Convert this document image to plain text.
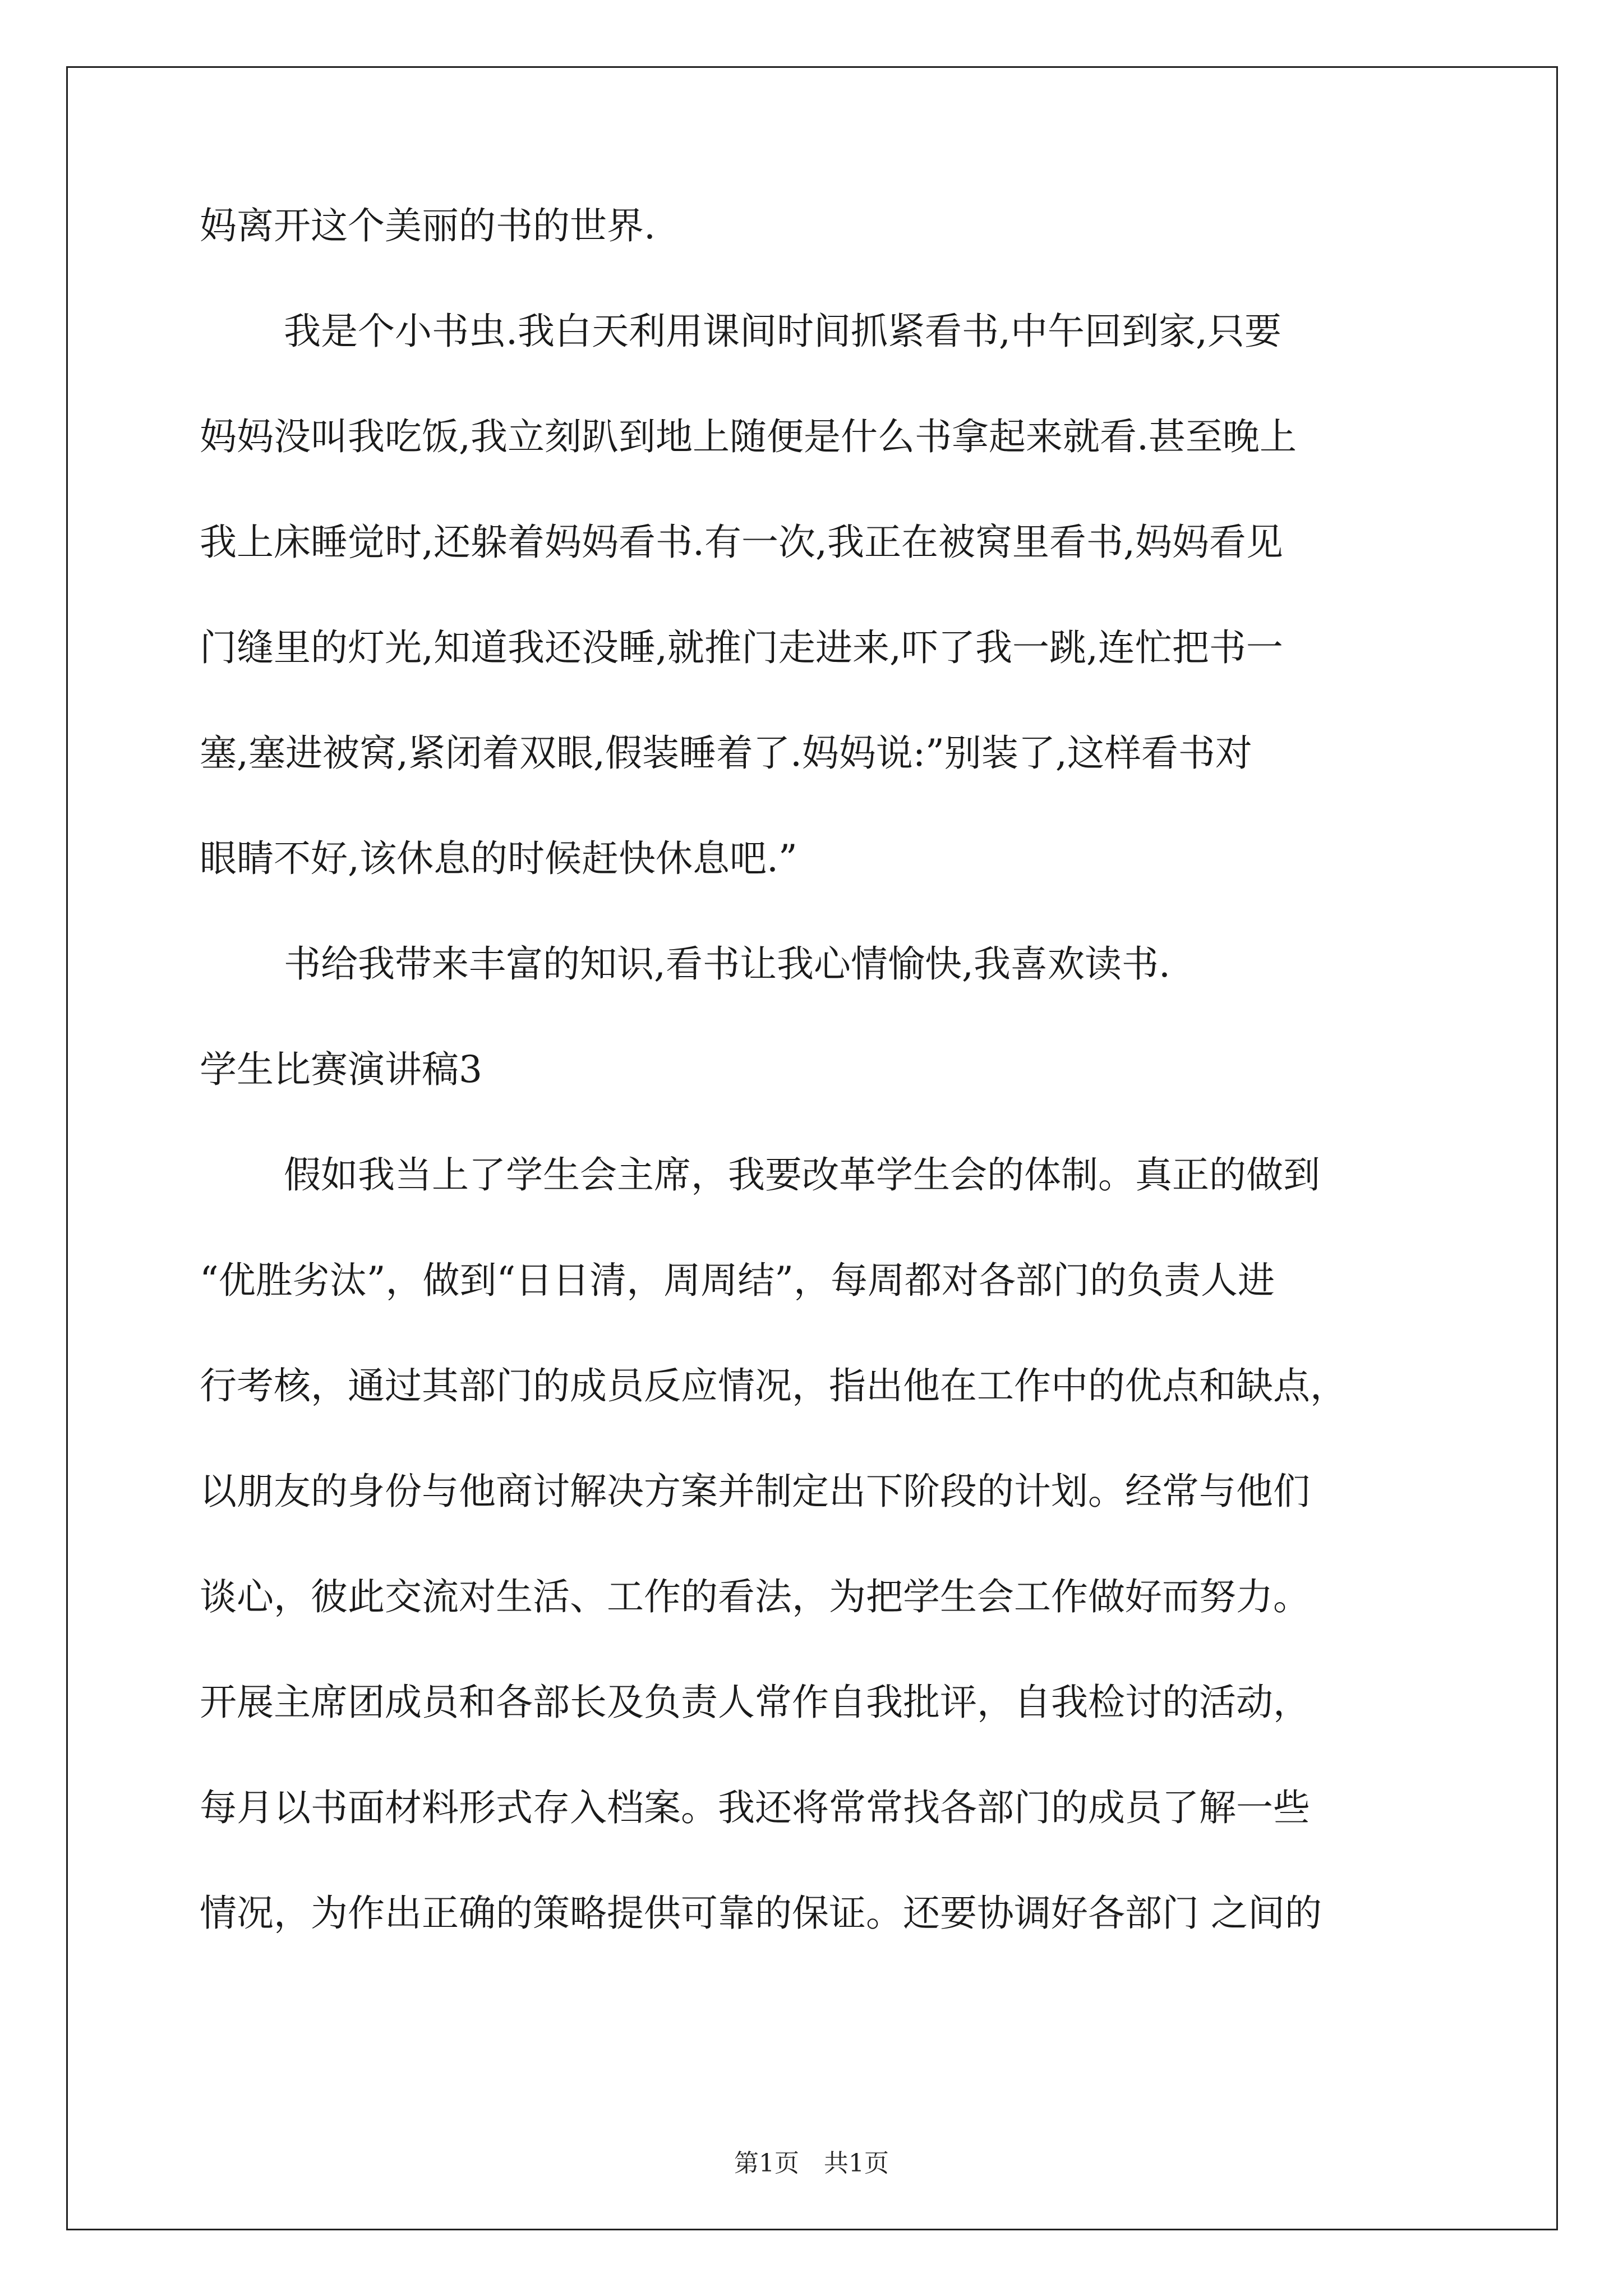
妈离开这个美丽的书的世界.
我是个小书虫.我白天利用课间时间抓紧看书,中午回到家,只要
妈妈没叫我吃饭,我立刻趴到地上随便是什么书拿起来就看.甚至晚上
我上床睡觉时,还躲着妈妈看书.有一次,我正在被窝里看书,妈妈看见
门缝里的灯光,知道我还没睡,就推门走进来,吓了我一跳,连忙把书一
塞,塞进被窝,紧闭着双眼,假装睡着了.妈妈说:”别装了,这样看书对
眼睛不好,该休息的时候赶快休息吧.”
书给我带来丰富的知识,看书让我心情愉快,我喜欢读书.
学生比赛演讲稿3
假如我当上了学生会主席，我要改革学生会的体制。真正的做到
“优胜劣汰”，做到“日日清，周周结”，每周都对各部门的负责人进
行考核，通过其部门的成员反应情况，指出他在工作中的优点和缺点，
以朋友的身份与他商讨解决方案并制定出下阶段的计划。经常与他们
谈心，彼此交流对生活、工作的看法，为把学生会工作做好而努力。
开展主席团成员和各部长及负责人常作自我批评，自我检讨的活动，
每月以书面材料形式存入档案。我还将常常找各部门的成员了解一些
情况，为作出正确的策略提供可靠的保证。还要协调好各部门 之间的
第1页　共1页
